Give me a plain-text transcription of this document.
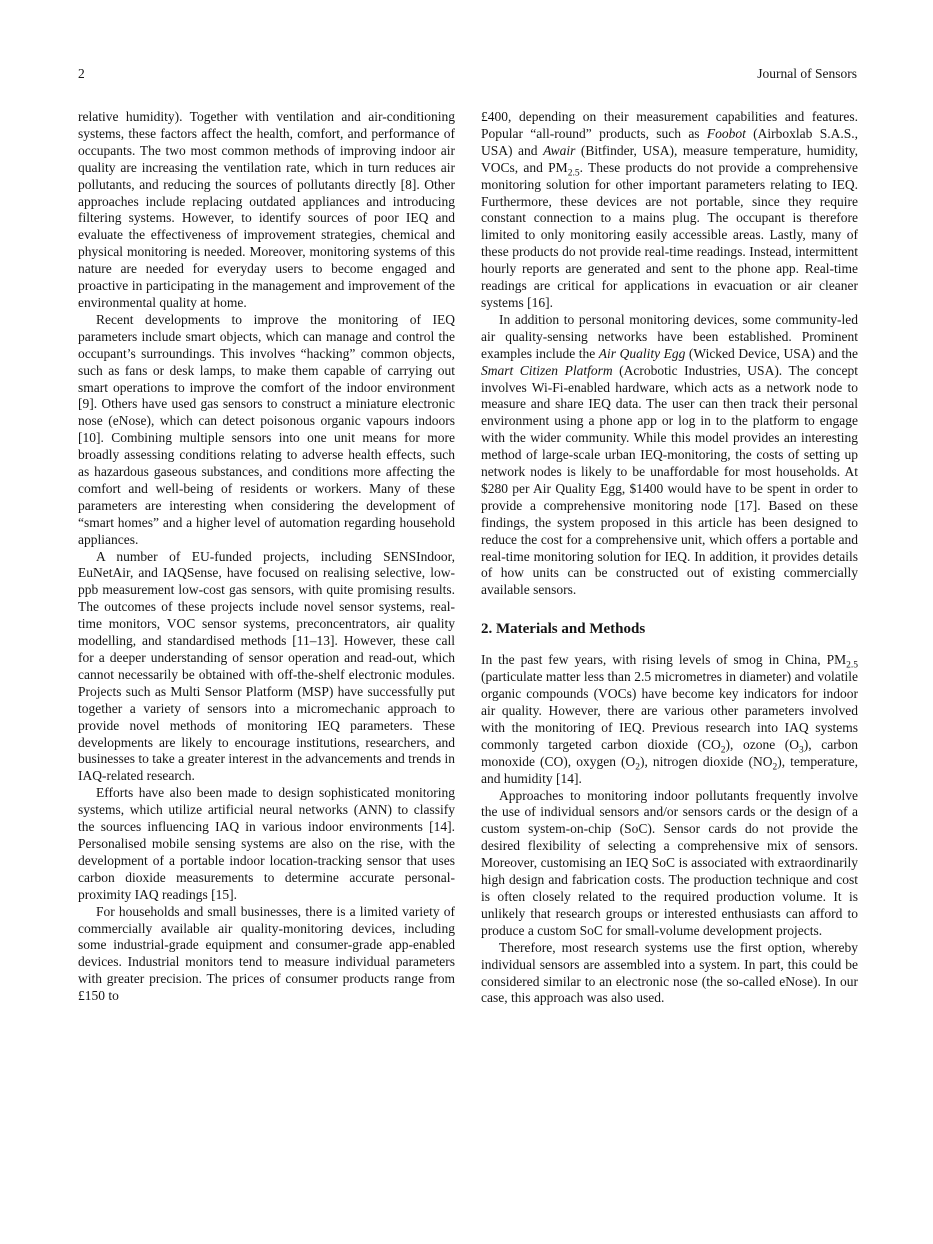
2	Journal of Sensors

relative humidity). Together with ventilation and air-conditioning systems, these factors affect the health, comfort, and performance of occupants. The two most common methods of improving indoor air quality are increasing the ventilation rate, which in turn reduces air pollutants, and reducing the sources of pollutants directly [8]. Other approaches include replacing outdated appliances and introducing filtering systems. However, to identify sources of poor IEQ and evaluate the effectiveness of improvement strategies, chemical and physical monitoring is needed. Moreover, monitoring systems of this nature are needed for everyday users to become engaged and proactive in participating in the management and improvement of the environmental quality at home.

Recent developments to improve the monitoring of IEQ parameters include smart objects, which can manage and control the occupant’s surroundings. This involves “hacking” common objects, such as fans or desk lamps, to make them capable of carrying out smart operations to improve the comfort of the indoor environment [9]. Others have used gas sensors to construct a miniature electronic nose (eNose), which can detect poisonous organic vapours indoors [10]. Combining multiple sensors into one unit means for more broadly assessing conditions relating to adverse health effects, such as hazardous gaseous substances, and conditions more affecting the comfort and well-being of residents or workers. Many of these parameters are interesting when considering the development of “smart homes” and a higher level of automation regarding household appliances.

A number of EU-funded projects, including SENSIndoor, EuNetAir, and IAQSense, have focused on realising selective, low-ppb measurement low-cost gas sensors, with quite promising results. The outcomes of these projects include novel sensor systems, real-time monitors, VOC sensor systems, preconcentrators, air quality modelling, and standardised methods [11–13]. However, these call for a deeper understanding of sensor operation and read-out, which cannot necessarily be obtained with off-the-shelf electronic modules. Projects such as Multi Sensor Platform (MSP) have successfully put together a variety of sensors into a micromechanic approach to provide novel methods of monitoring IEQ parameters. These developments are likely to encourage institutions, researchers, and businesses to take a greater interest in the advancements and trends in IAQ-related research.

Efforts have also been made to design sophisticated monitoring systems, which utilize artificial neural networks (ANN) to classify the sources influencing IAQ in various indoor environments [14]. Personalised mobile sensing systems are also on the rise, with the development of a portable indoor location-tracking sensor that uses carbon dioxide measurements to determine accurate personal-proximity IAQ readings [15].

For households and small businesses, there is a limited variety of commercially available air quality-monitoring devices, including some industrial-grade equipment and consumer-grade app-enabled devices. Industrial monitors tend to measure individual parameters with greater precision. The prices of consumer products range from £150 to

£400, depending on their measurement capabilities and features. Popular “all-round” products, such as Foobot (Airboxlab S.A.S., USA) and Awair (Bitfinder, USA), measure temperature, humidity, VOCs, and $PM_{2.5}$. These products do not provide a comprehensive monitoring solution for other important parameters relating to IEQ. Furthermore, these devices are not portable, since they require constant connection to a mains plug. The occupant is therefore limited to only monitoring easily accessible areas. Lastly, many of these products do not provide real-time readings. Instead, intermittent hourly reports are generated and sent to the phone app. Real-time readings are critical for applications in evacuation or air cleaner systems [16].

In addition to personal monitoring devices, some community-led air quality-sensing networks have been established. Prominent examples include the Air Quality Egg (Wicked Device, USA) and the Smart Citizen Platform (Acrobotic Industries, USA). The concept involves Wi-Fi-enabled hardware, which acts as a network node to measure and share IEQ data. The user can then track their personal environment using a phone app or log in to the platform to engage with the wider community. While this model provides an interesting method of large-scale urban IEQ-monitoring, the costs of setting up network nodes is likely to be unaffordable for most households. At $280 per Air Quality Egg, $1400 would have to be spent in order to provide a comprehensive monitoring node [17]. Based on these findings, the system proposed in this article has been designed to reduce the cost for a comprehensive unit, which offers a portable and real-time monitoring solution for IEQ. In addition, it provides details of how units can be constructed out of existing commercially available sensors.

2. Materials and Methods

In the past few years, with rising levels of smog in China, $PM_{2.5}$ (particulate matter less than 2.5 micrometres in diameter) and volatile organic compounds (VOCs) have become key indicators for indoor air quality. However, there are various other parameters involved with the monitoring of IEQ. Previous research into IAQ systems commonly targeted carbon dioxide $(CO_2)$, ozone $(O_3)$, carbon monoxide (CO), oxygen $(O_2)$, nitrogen dioxide $(NO_2)$, temperature, and humidity [14].

Approaches to monitoring indoor pollutants frequently involve the use of individual sensors and/or sensors cards or the design of a custom system-on-chip (SoC). Sensor cards do not provide the desired flexibility of selecting a comprehensive mix of sensors. Moreover, customising an IEQ SoC is associated with extraordinarily high design and fabrication costs. The production technique and cost is often closely related to the required production volume. It is unlikely that research groups or interested enthusiasts can afford to produce a custom SoC for small-volume development projects.

Therefore, most research systems use the first option, whereby individual sensors are assembled into a system. In part, this could be considered similar to an electronic nose (the so-called eNose). In our case, this approach was also used.
